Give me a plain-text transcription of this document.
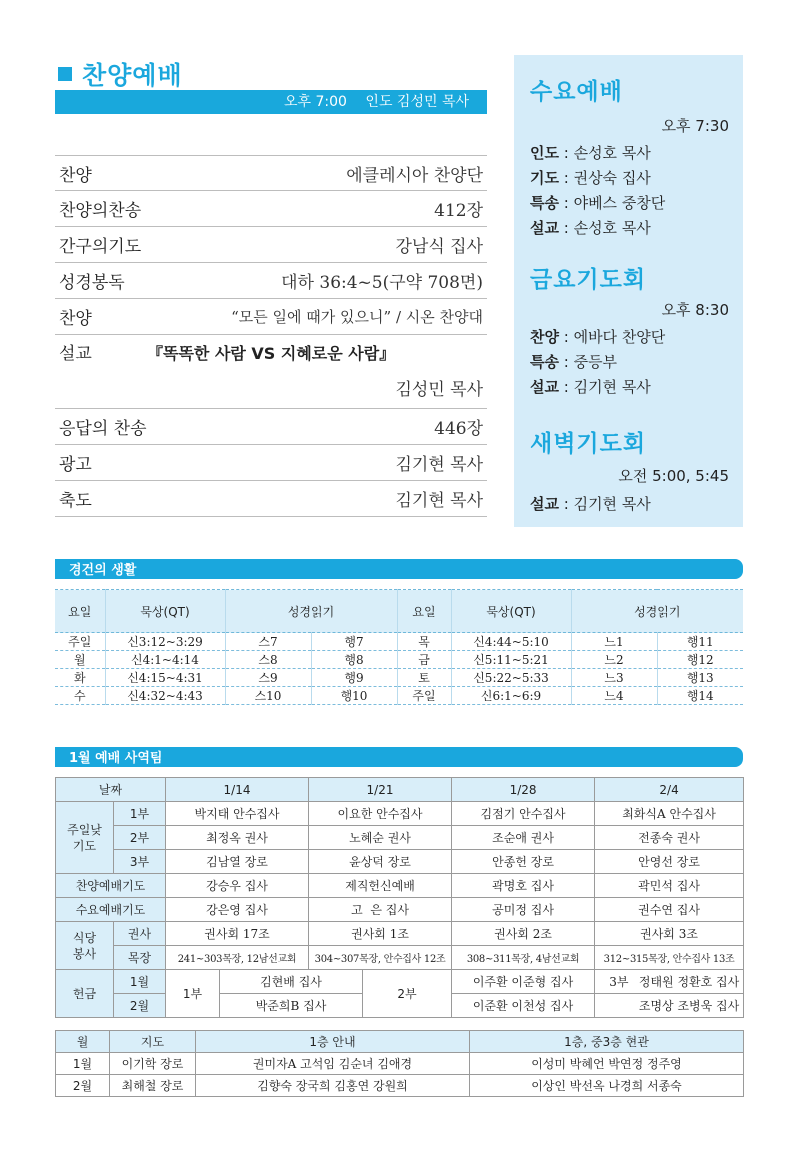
찬양예배
오후 7:00 인도 김성민 목사
찬양	에클레시아 찬양단
찬양의찬송	412장
간구의기도	강남식 집사
성경봉독	대하 36:4~5(구약 708면)
찬양	“모든 일에 때가 있으니” / 시온 찬양대
설교	『똑똑한 사람 VS 지혜로운 사람』
김성민 목사
응답의 찬송	446장
광고	김기현 목사
축도	김기현 목사
수요예배
오후 7:30
인도 : 손성호 목사
기도 : 권상숙 집사
특송 : 야베스 중창단
설교 : 손성호 목사
금요기도회
오후 8:30
찬양 : 에바다 찬양단
특송 : 중등부
설교 : 김기현 목사
새벽기도회
오전 5:00, 5:45
설교 : 김기현 목사
경건의 생활
요일	묵상(QT)	성경읽기		요일	묵상(QT)	성경읽기	
주일	신3:12~3:29	스7	행7	목	신4:44~5:10	느1	행11
월	신4:1~4:14	스8	행8	금	신5:11~5:21	느2	행12
화	신4:15~4:31	스9	행9	토	신5:22~5:33	느3	행13
수	신4:32~4:43	스10	행10	주일	신6:1~6:9	느4	행14
1월 예배 사역팀
날짜		1/14		1/21		1/28	2/4
주일낮
기도	1부	박지태 안수집사		이요한 안수집사		김점기 안수집사	최화식A 안수집사
	2부	최정옥 권사		노혜순 권사		조순애 권사	전종숙 권사
	3부	김남열 장로		윤상덕 장로		안종헌 장로	안영선 장로
찬양예배기도		강승우 집사		제직헌신예배		곽명호 집사	곽민석 집사
수요예배기도		강은영 집사		고  은 집사		공미정 집사	권수연 집사
식당
봉사	권사	권사회 17조		권사회 1조		권사회 2조	권사회 3조
	목장	241~303목장, 12남선교회		304~307목장, 안수집사 12조		308~311목장, 4남선교회	312~315목장, 안수집사 13조
헌금	1월	1부	김현배 집사		2부	이주환 이준형 집사	3부 정태원 정환호 집사
	2월		박준희B 집사			이준환 이천성 집사	조명상 조병욱 집사
월	지도	1층 안내	1층, 중3층 현관
1월	이기학 장로	권미자A 고석임 김순녀 김애경	이성미 박혜언 박연정 정주영
2월	최해철 장로	김향숙 장국희 김홍연 강원희	이상인 박선옥 나경희 서종숙
